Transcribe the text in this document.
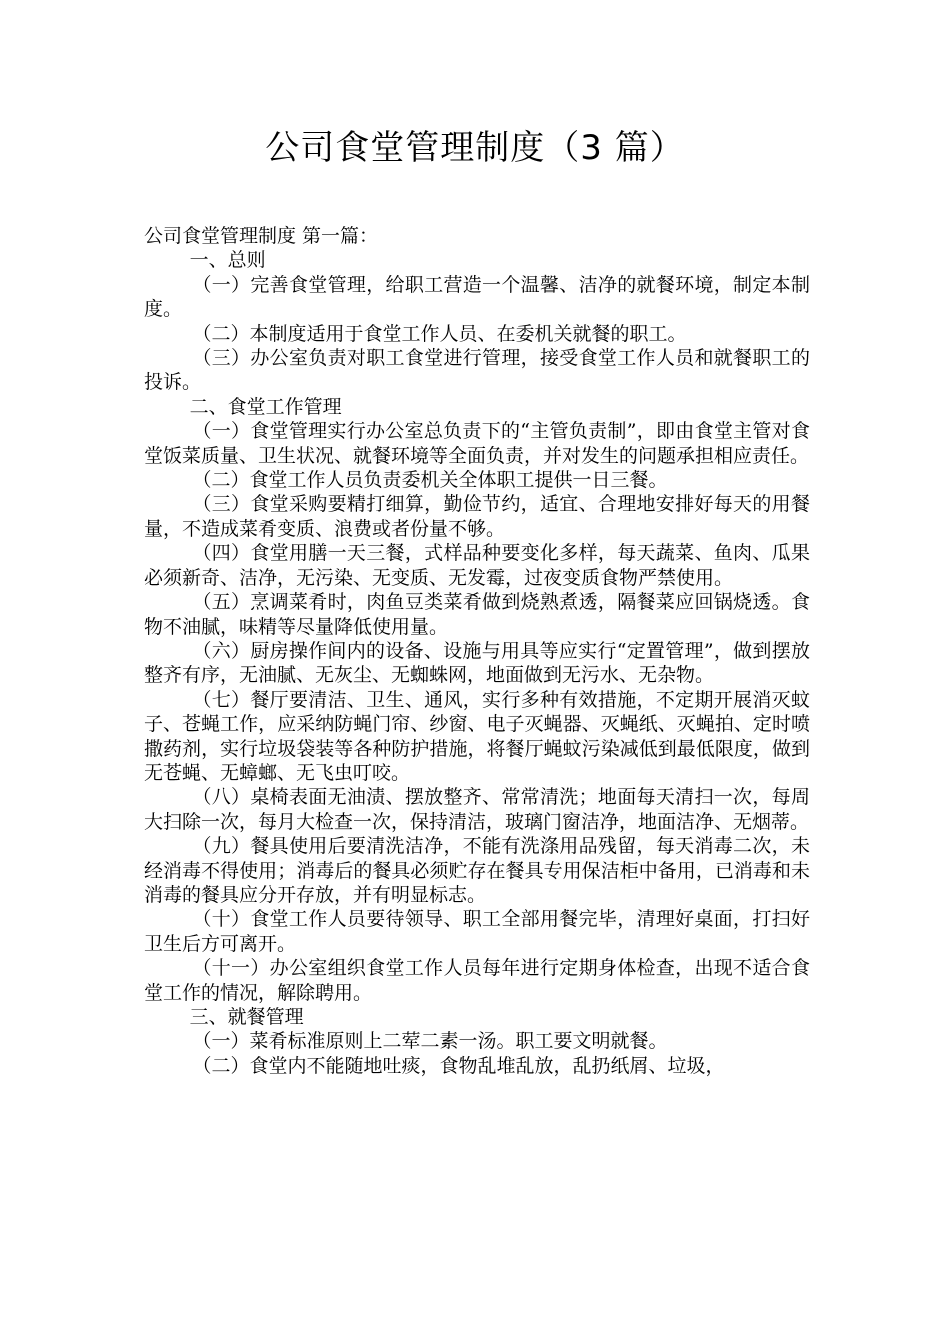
公司食堂管理制度（3 篇）

公司食堂管理制度 第一篇：

一、总则

（一）完善食堂管理，给职工营造一个温馨、洁净的就餐环境，制定本制度。

（二）本制度适用于食堂工作人员、在委机关就餐的职工。

（三）办公室负责对职工食堂进行管理，接受食堂工作人员和就餐职工的投诉。

二、食堂工作管理

（一）食堂管理实行办公室总负责下的“主管负责制”，即由食堂主管对食堂饭菜质量、卫生状况、就餐环境等全面负责，并对发生的问题承担相应责任。

（二）食堂工作人员负责委机关全体职工提供一日三餐。

（三）食堂采购要精打细算，勤俭节约，适宜、合理地安排好每天的用餐量，不造成菜肴变质、浪费或者份量不够。

（四）食堂用膳一天三餐，式样品种要变化多样，每天蔬菜、鱼肉、瓜果必须新奇、洁净，无污染、无变质、无发霉，过夜变质食物严禁使用。

（五）烹调菜肴时，肉鱼豆类菜肴做到烧熟煮透，隔餐菜应回锅烧透。食物不油腻，味精等尽量降低使用量。

（六）厨房操作间内的设备、设施与用具等应实行“定置管理”，做到摆放整齐有序，无油腻、无灰尘、无蜘蛛网，地面做到无污水、无杂物。

（七）餐厅要清洁、卫生、通风，实行多种有效措施，不定期开展消灭蚊子、苍蝇工作，应采纳防蝇门帘、纱窗、电子灭蝇器、灭蝇纸、灭蝇拍、定时喷撒药剂，实行垃圾袋装等各种防护措施，将餐厅蝇蚊污染减低到最低限度，做到无苍蝇、无蟑螂、无飞虫叮咬。

（八）桌椅表面无油渍、摆放整齐、常常清洗；地面每天清扫一次，每周大扫除一次，每月大检查一次，保持清洁，玻璃门窗洁净，地面洁净、无烟蒂。

（九）餐具使用后要清洗洁净，不能有洗涤用品残留，每天消毒二次，未经消毒不得使用；消毒后的餐具必须贮存在餐具专用保洁柜中备用，已消毒和未消毒的餐具应分开存放，并有明显标志。

（十）食堂工作人员要待领导、职工全部用餐完毕，清理好桌面，打扫好卫生后方可离开。

（十一）办公室组织食堂工作人员每年进行定期身体检查，出现不适合食堂工作的情况，解除聘用。

三、就餐管理

（一）菜肴标准原则上二荤二素一汤。职工要文明就餐。

（二）食堂内不能随地吐痰，食物乱堆乱放，乱扔纸屑、垃圾，
